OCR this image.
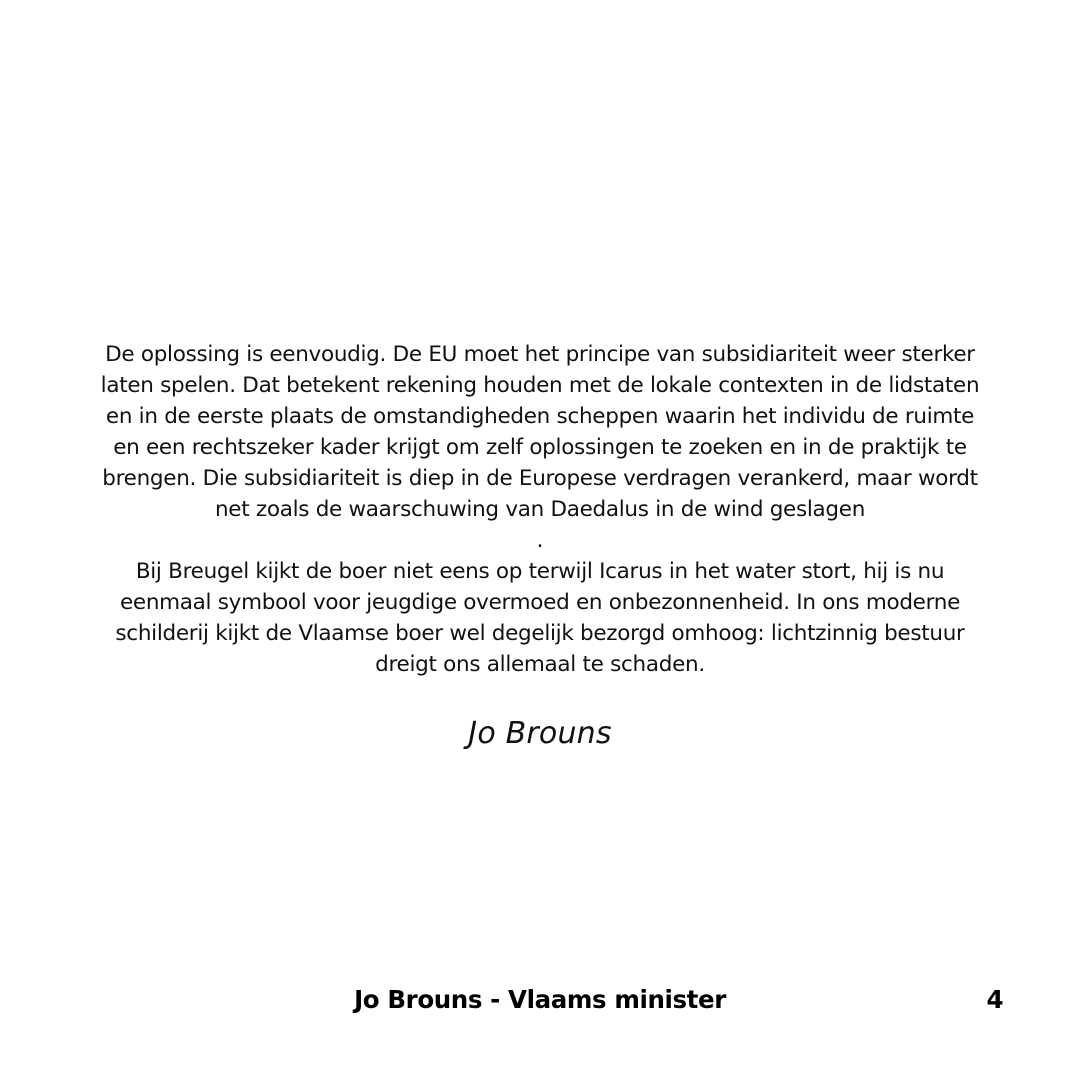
De oplossing is eenvoudig. De EU moet het principe van subsidiariteit weer sterker laten spelen. Dat betekent rekening houden met de lokale contexten in de lidstaten en in de eerste plaats de omstandigheden scheppen waarin het individu de ruimte en een rechtszeker kader krijgt om zelf oplossingen te zoeken en in de praktijk te brengen. Die subsidiariteit is diep in de Europese verdragen verankerd, maar wordt net zoals de waarschuwing van Daedalus in de wind geslagen

.

Bij Breugel kijkt de boer niet eens op terwijl Icarus in het water stort, hij is nu eenmaal symbool voor jeugdige overmoed en onbezonnenheid. In ons moderne schilderij kijkt de Vlaamse boer wel degelijk bezorgd omhoog: lichtzinnig bestuur dreigt ons allemaal te schaden.

Jo Brouns

Jo Brouns - Vlaams minister	4
